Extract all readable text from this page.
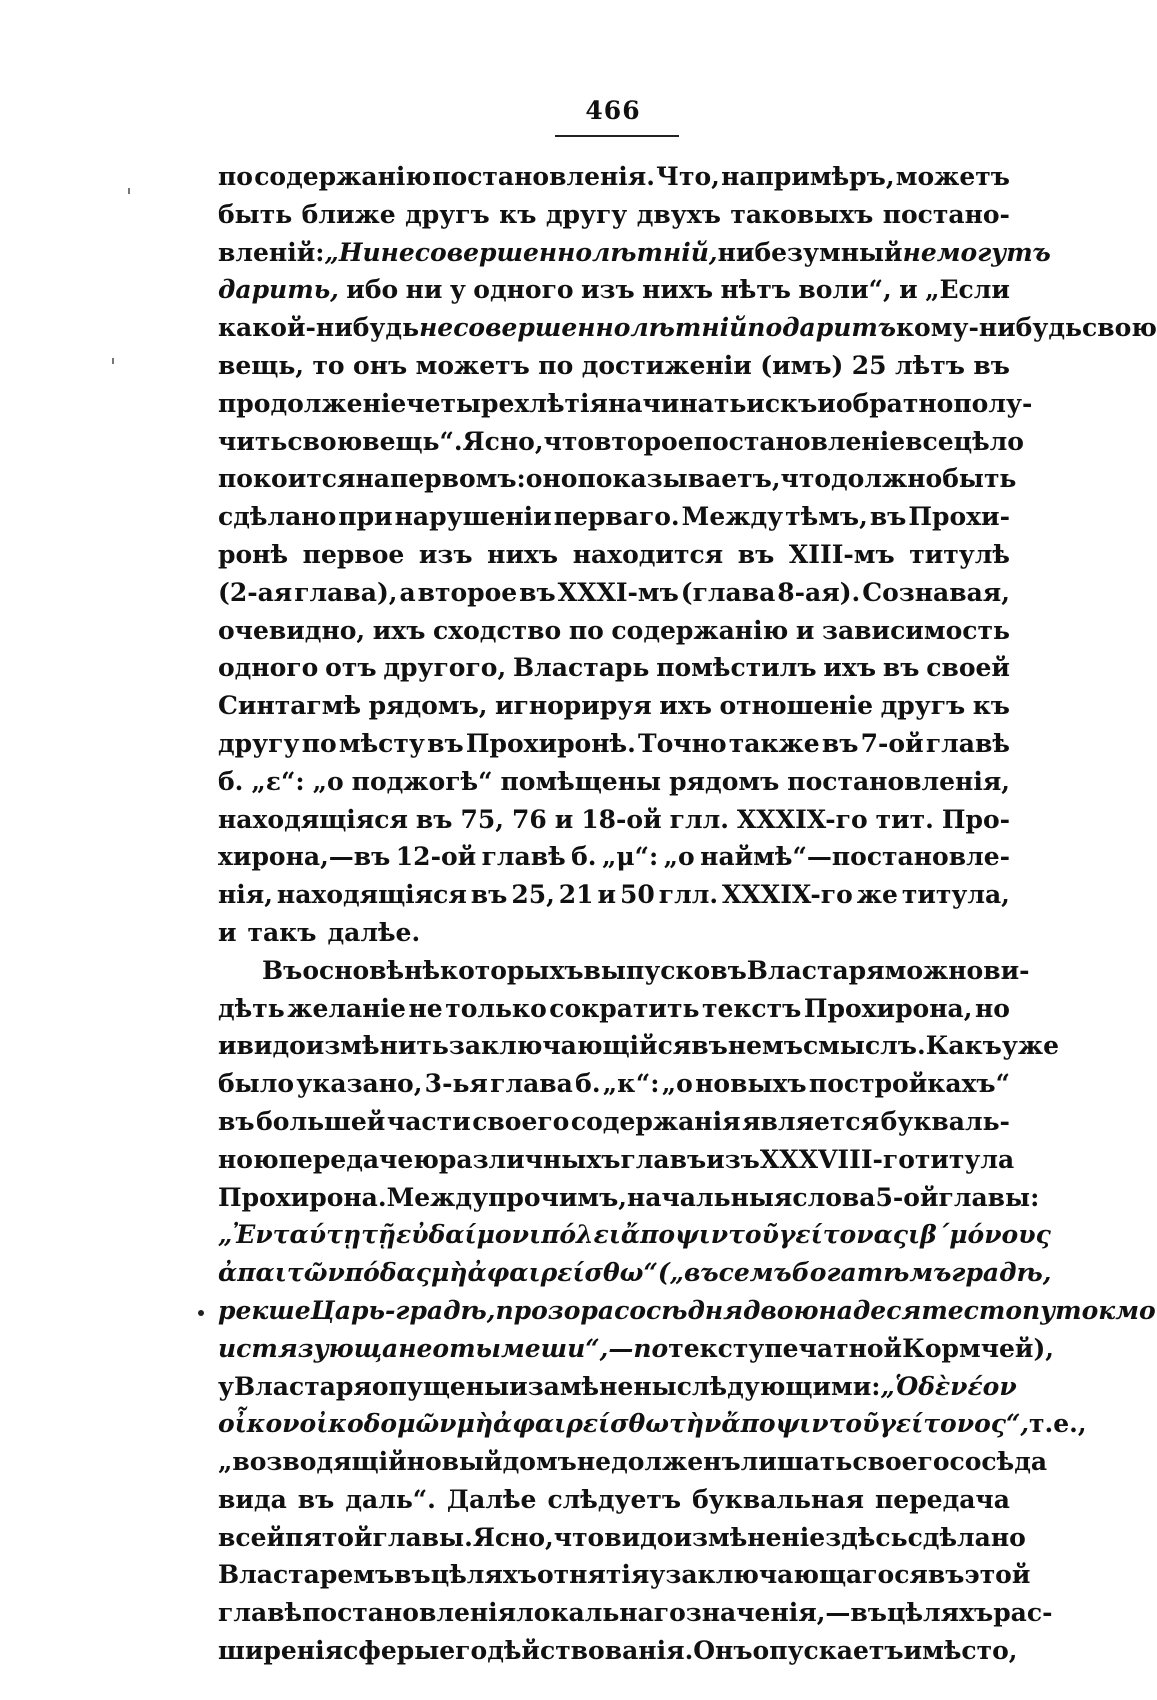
466
по содержанію постановленія. Что, напримѣръ, можетъ
быть ближе другъ къ другу двухъ таковыхъ постано-
вленій: „Ни несовершеннолѣтній, ни безумный не могутъ
дарить, ибо ни у одного изъ нихъ нѣтъ воли“, и „Если
какой-нибудь несовершеннолѣтній подаритъ кому-нибудь свою
вещь, то онъ можетъ по достиженіи (имъ) 25 лѣтъ въ
продолженіе четырехлѣтія начинать искъ и обратно полу-
чить свою вещь“. Ясно, что второе постановленіе всецѣло
покоится на первомъ: оно показываетъ, что должно быть
сдѣлано при нарушеніи перваго. Между тѣмъ, въ Прохи-
ронѣ первое изъ нихъ находится въ XIII-мъ титулѣ
(2-ая глава), а второе въ XXXI-мъ (глава 8-ая). Сознавая,
очевидно, ихъ сходство по содержанію и зависимость
одного отъ другого, Властарь помѣстилъ ихъ въ своей
Синтагмѣ рядомъ, игнорируя ихъ отношеніе другъ къ
другу по мѣсту въ Прохиронѣ. Точно также въ 7-ой главѣ
б. „ε“: „о поджогѣ“ помѣщены рядомъ постановленія,
находящіяся въ 75, 76 и 18-ой глл. XXXIX-го тит. Про-
хирона,—въ 12-ой главѣ б. „μ“: „о наймѣ“—постановле-
нія, находящіяся въ 25, 21 и 50 глл. XXXIX-го же титула,
и такъ далѣе.
Въ основѣ нѣкоторыхъ выпусковъ Властаря можно ви-
дѣть желаніе не только сократить текстъ Прохирона, но
и видоизмѣнить заключающійся въ немъ смыслъ. Какъ уже
было указано, 3-ья глава б. „κ“: „о новыхъ постройкахъ“
въ большей части своего содержанія является букваль-
ною передачею различныхъ главъ изъ XXXVIII-го титула
Прохирона. Между прочимъ, начальныя слова 5-ой главы:
„Ἐν ταύτῃ τῇ εὐδαίμονι πόλει ἄποψιν τοῦ γείτονας ιβ´ μόνους
ἀπαιτῶν πόδας μὴ ἀφαιρείσθω“ („въ семъ богатѣмъ градѣ,
рекше Царь-градѣ, прозора сосѣдня двоюнадесяте стопу токмо
истязующа не отымеши“,—по тексту печатной Кормчей),
у Властаря опущены и замѣнены слѣдующими: „Ὁ δὲ νέον
οἶκον οἰκοδομῶν μὴ ἀφαιρείσθω τὴν ἄποψιν τοῦ γείτονος“, т. е.,
„возводящій новый домъ не долженъ лишать своего сосѣда
вида въ даль“. Далѣе слѣдуетъ буквальная передача
всей пятой главы. Ясно, что видоизмѣненіе здѣсь сдѣлано
Властаремъ въ цѣляхъ отнятія у заключающагося въ этой
главѣ постановленія локальнаго значенія,—въ цѣляхъ рас-
ширенія сферы его дѣйствованія. Онъ опускаетъ и мѣсто,
